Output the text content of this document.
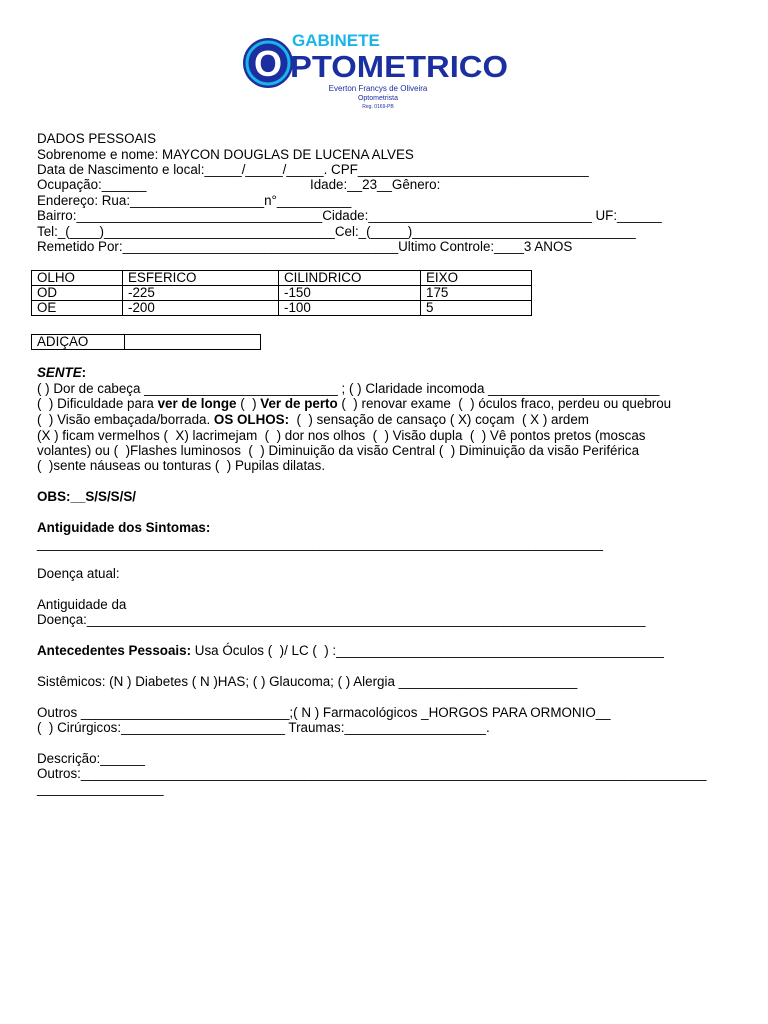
O
GABINETE
PTOMETRICO
Everton Francys de Oliveira
Optometrista
Reg. 0169-PB
DADOS PESSOAIS
Sobrenome e nome: MAYCON DOUGLAS DE LUCENA ALVES
Data de Nascimento e local:_____/_____/_____. CPF_______________________________
Ocupação:______	Idade:__23__Gênero:
Endereço: Rua:__________________n°__________
Bairro:_________________________________Cidade:______________________________ UF:______
Tel:_(____)_______________________________Cel:_(_____)______________________________
Remetido Por:_____________________________________Ultimo Controle:____3 ANOS
OLHO	ESFERICO	CILINDRICO	EIXO
OD	-225	-150	175
OE	-200	-100	5
ADIÇAO	
SENTE:
( ) Dor de cabeça __________________________ ; ( ) Claridade incomoda _______________________
(  ) Dificuldade para ver de longe (  ) Ver de perto (  ) renovar exame  (  ) óculos fraco, perdeu ou quebrou
(  ) Visão embaçada/borrada. OS OLHOS:  (  ) sensação de cansaço ( X) coçam  ( X ) ardem
(X ) ficam vermelhos (  X) lacrimejam  (  ) dor nos olhos  (  ) Visão dupla  (  ) Vê pontos pretos (moscas
volantes) ou (  )Flashes luminosos  (  ) Diminuição da visão Central (  ) Diminuição da visão Periférica
(  )sente náuseas ou tonturas (  ) Pupilas dilatas.
OBS:__S/S/S/S/
Antiguidade dos Sintomas:
____________________________________________________________________________
Doença atual:
Antiguidade da
Doença:___________________________________________________________________________
Antecedentes Pessoais: Usa Óculos (  )/ LC (  ) :____________________________________________
Sistêmicos: (N ) Diabetes ( N )HAS; ( ) Glaucoma; ( ) Alergia ________________________
Outros ____________________________;( N ) Farmacológicos _HORGOS PARA ORMONIO__
(  ) Cirúrgicos:______________________ Traumas:___________________.
Descrição:______
Outros:____________________________________________________________________________________
_________________
